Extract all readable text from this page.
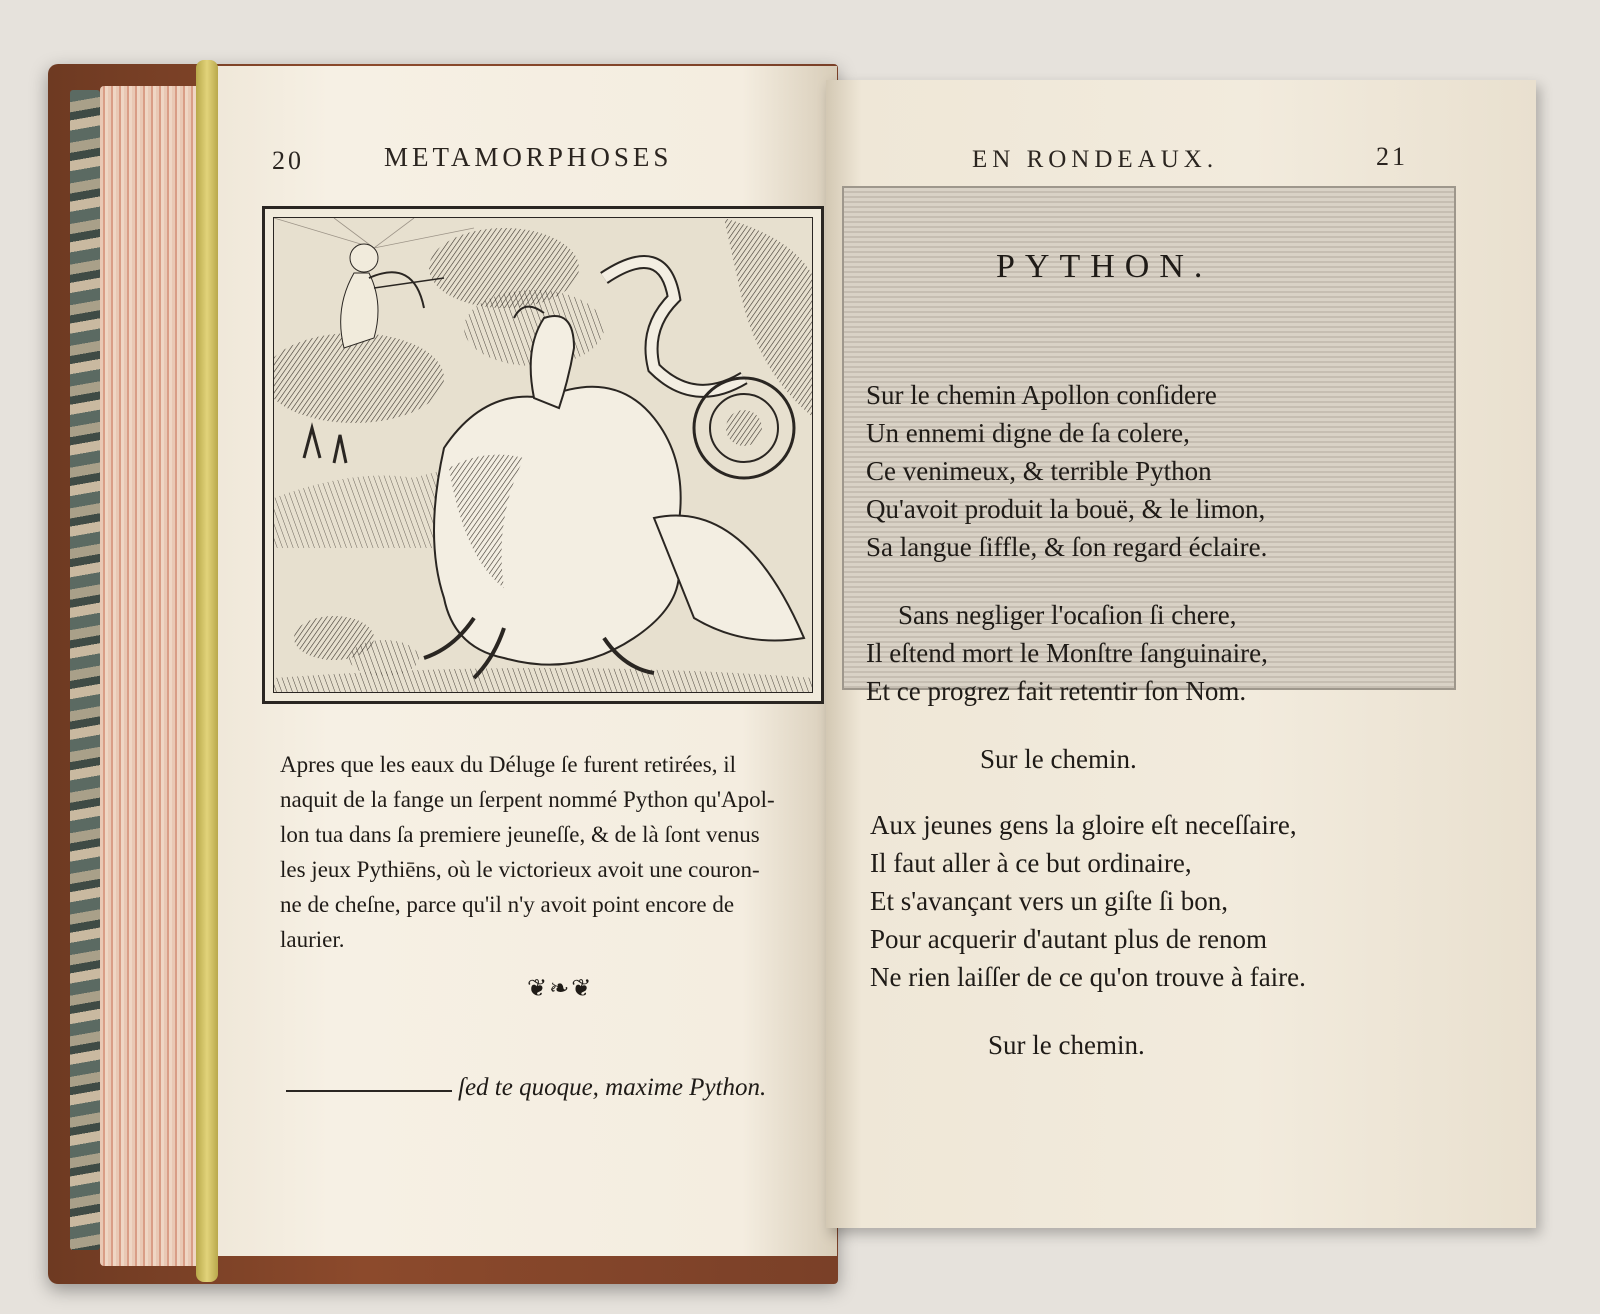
20	METAMORPHOSES
Apres que les eaux du Déluge ſe furent retirées, il
naquit de la fange un ſerpent nommé Python qu'Apol-
lon tua dans ſa premiere jeuneſſe, & de là ſont venus
les jeux Pythiēns, où le victorieux avoit une couron-
ne de cheſne, parce qu'il n'y avoit point encore de
laurier.
❦❧❦
ſed te quoque, maxime Python.
EN RONDEAUX.	21
PYTHON.
Sur le chemin Apollon conſidere
Un ennemi digne de ſa colere,
Ce venimeux, & terrible Python
Qu'avoit produit la bouë, & le limon,
Sa langue ſiffle, & ſon regard éclaire.
Sans negliger l'ocaſion ſi chere,
Il eſtend mort le Monſtre ſanguinaire,
Et ce progrez fait retentir ſon Nom.
Sur le chemin.
Aux jeunes gens la gloire eſt neceſſaire,
Il faut aller à ce but ordinaire,
Et s'avançant vers un giſte ſi bon,
Pour acquerir d'autant plus de renom
Ne rien laiſſer de ce qu'on trouve à faire.
Sur le chemin.
